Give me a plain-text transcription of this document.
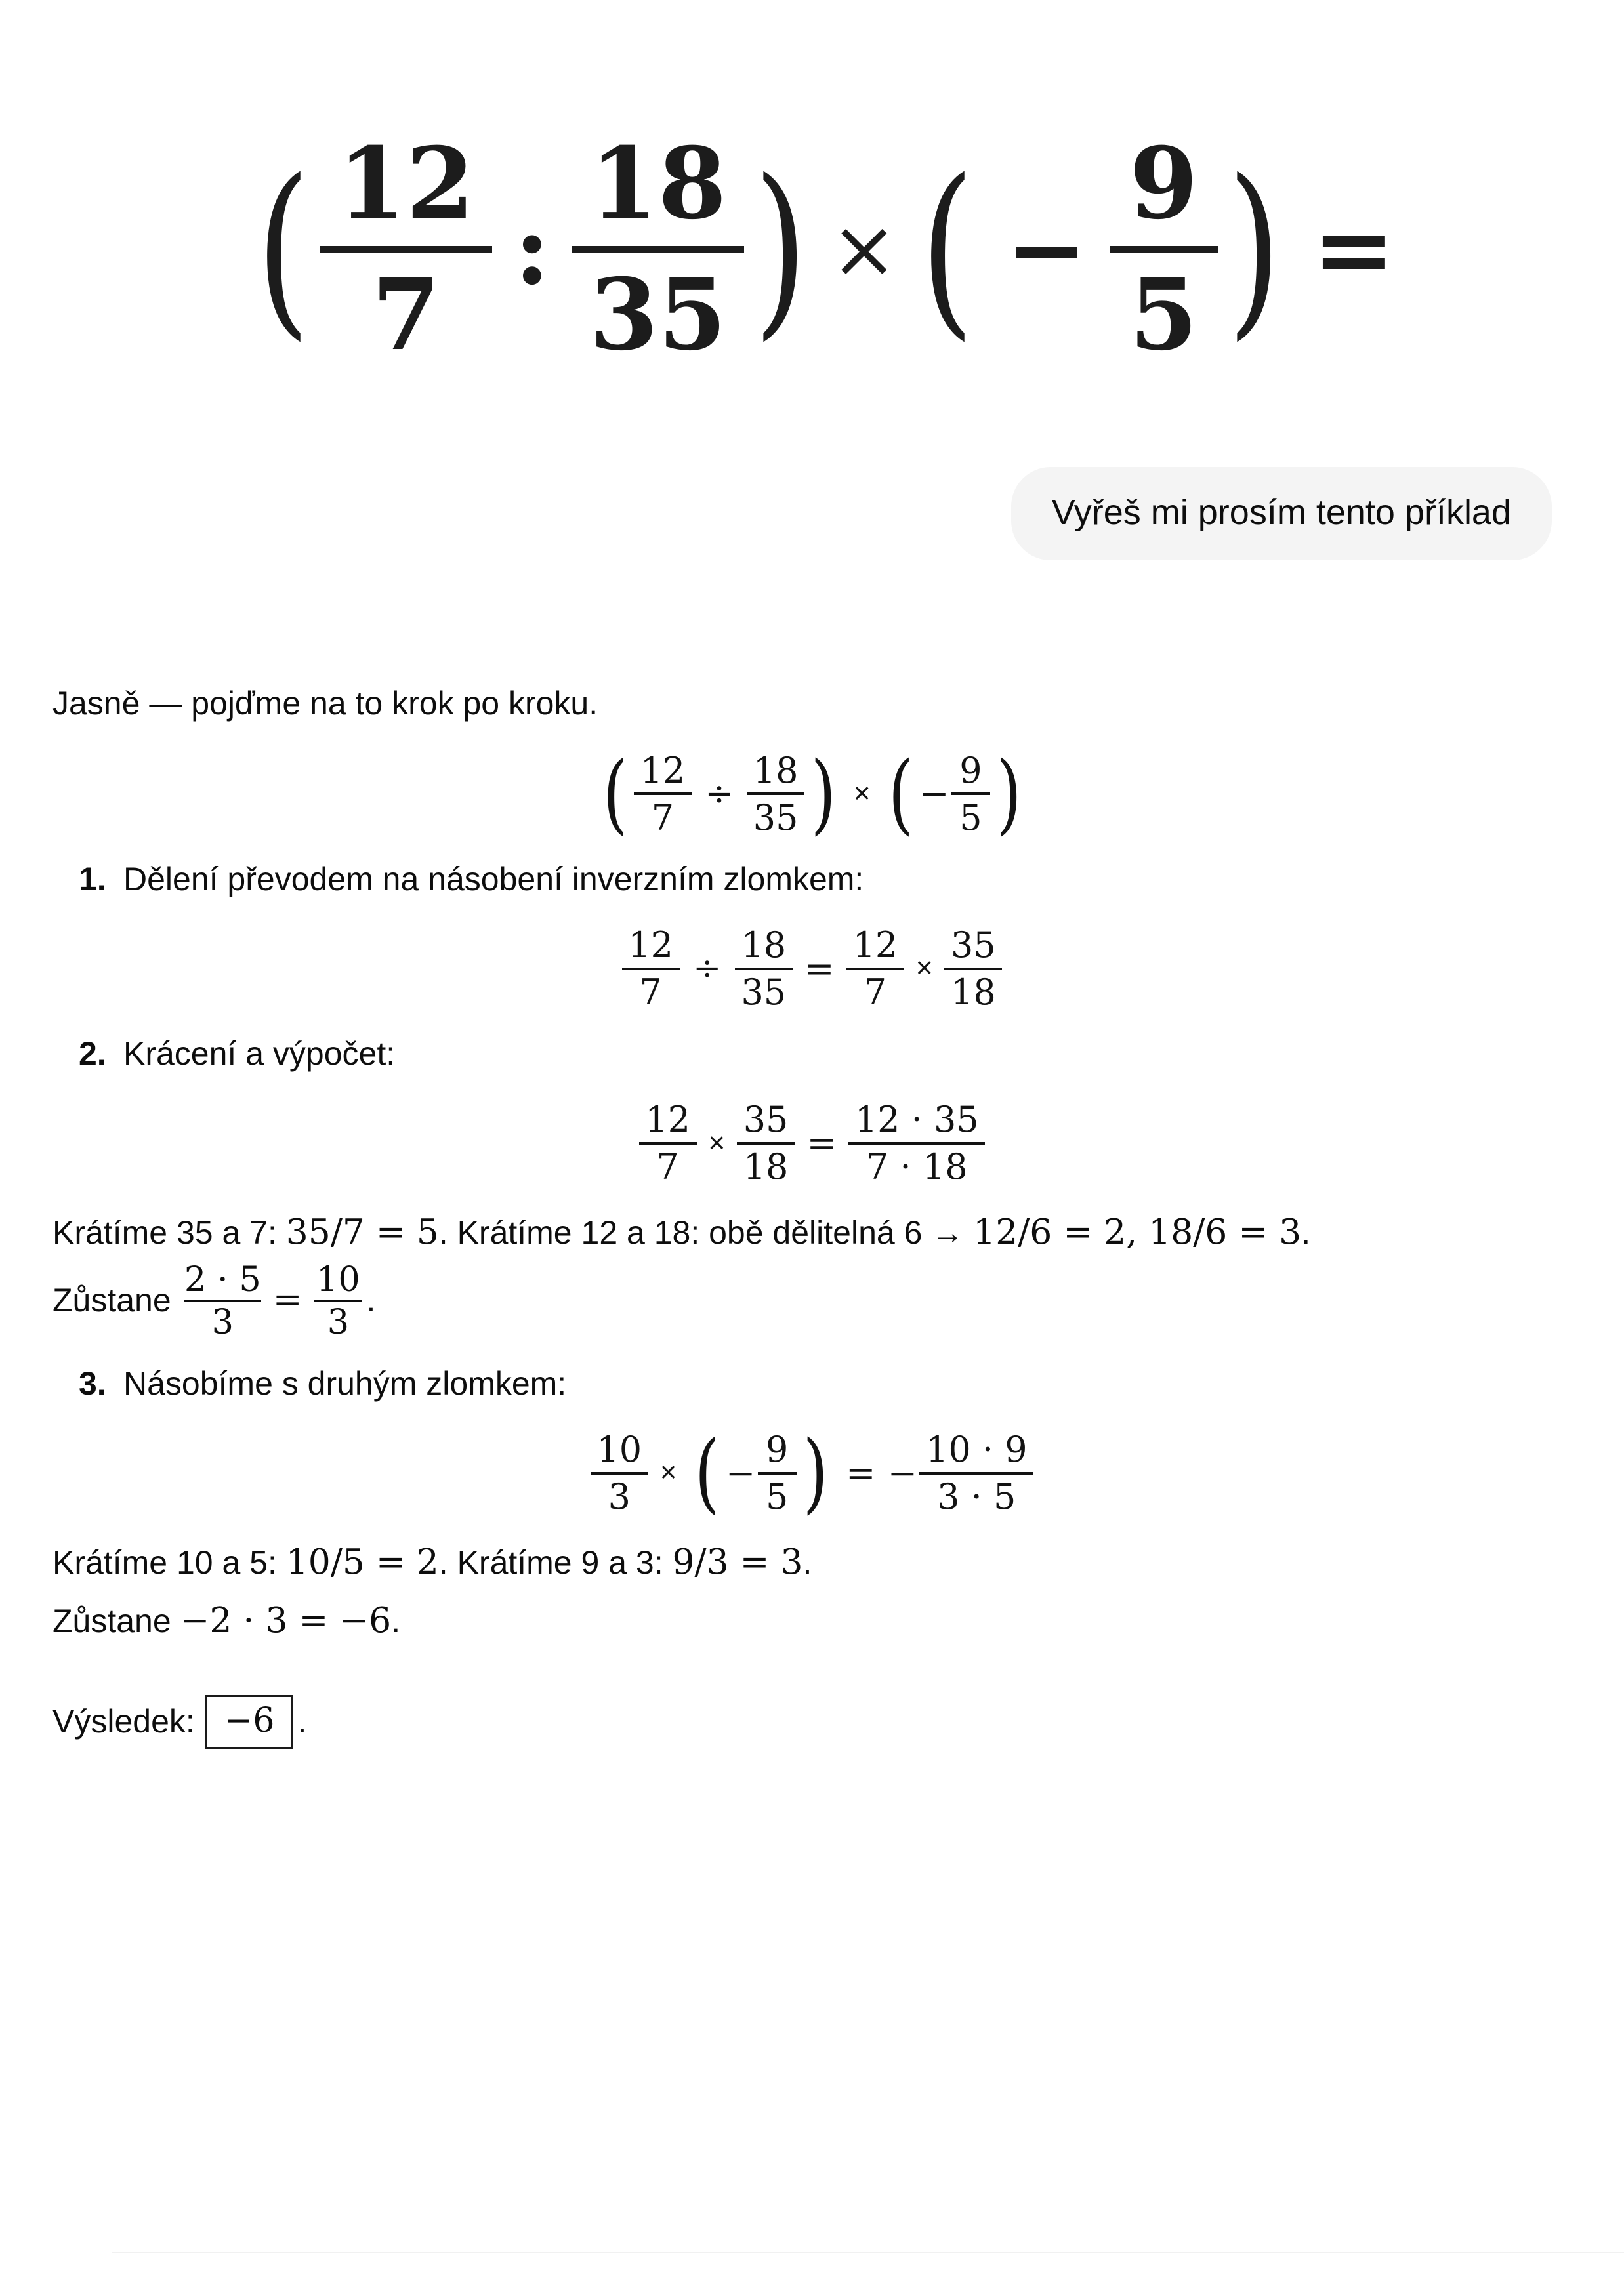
( 12
7
:
18
35 ) × ( −
9
5 ) =
Vyřeš mi prosím tento příklad

Jasně — pojďme na to krok po kroku.

( $\frac{12}{7} \div \frac{18}{35}$ ) × ( − $\frac{9}{5}$ )
1. Dělení převodem na násobení inverzním zlomkem:
$\frac{12}{7} \div \frac{18}{35} = \frac{12}{7} \times \frac{35}{18}$
2. Krácení a výpočet:
$\frac{12}{7} \times \frac{35}{18} = \frac{12 \cdot 35}{7 \cdot 18}$

Krátíme 35 a 7: 35/7 = 5. Krátíme 12 a 18: obě dělitelná 6 → 12/6 = 2, 18/6 = 3.

Zůstane $\frac{2 \cdot 5}{3} = \frac{10}{3}$ .

3. Násobíme s druhým zlomkem:
$\frac{10}{3}$ × ( − $\frac{9}{5}$ ) = − $\frac{10 \cdot 9}{3 \cdot 5}$

Krátíme 10 a 5: 10/5 = 2. Krátíme 9 a 3: 9/3 = 3.

Zůstane −2 · 3 = −6.

Výsledek: −6 .
